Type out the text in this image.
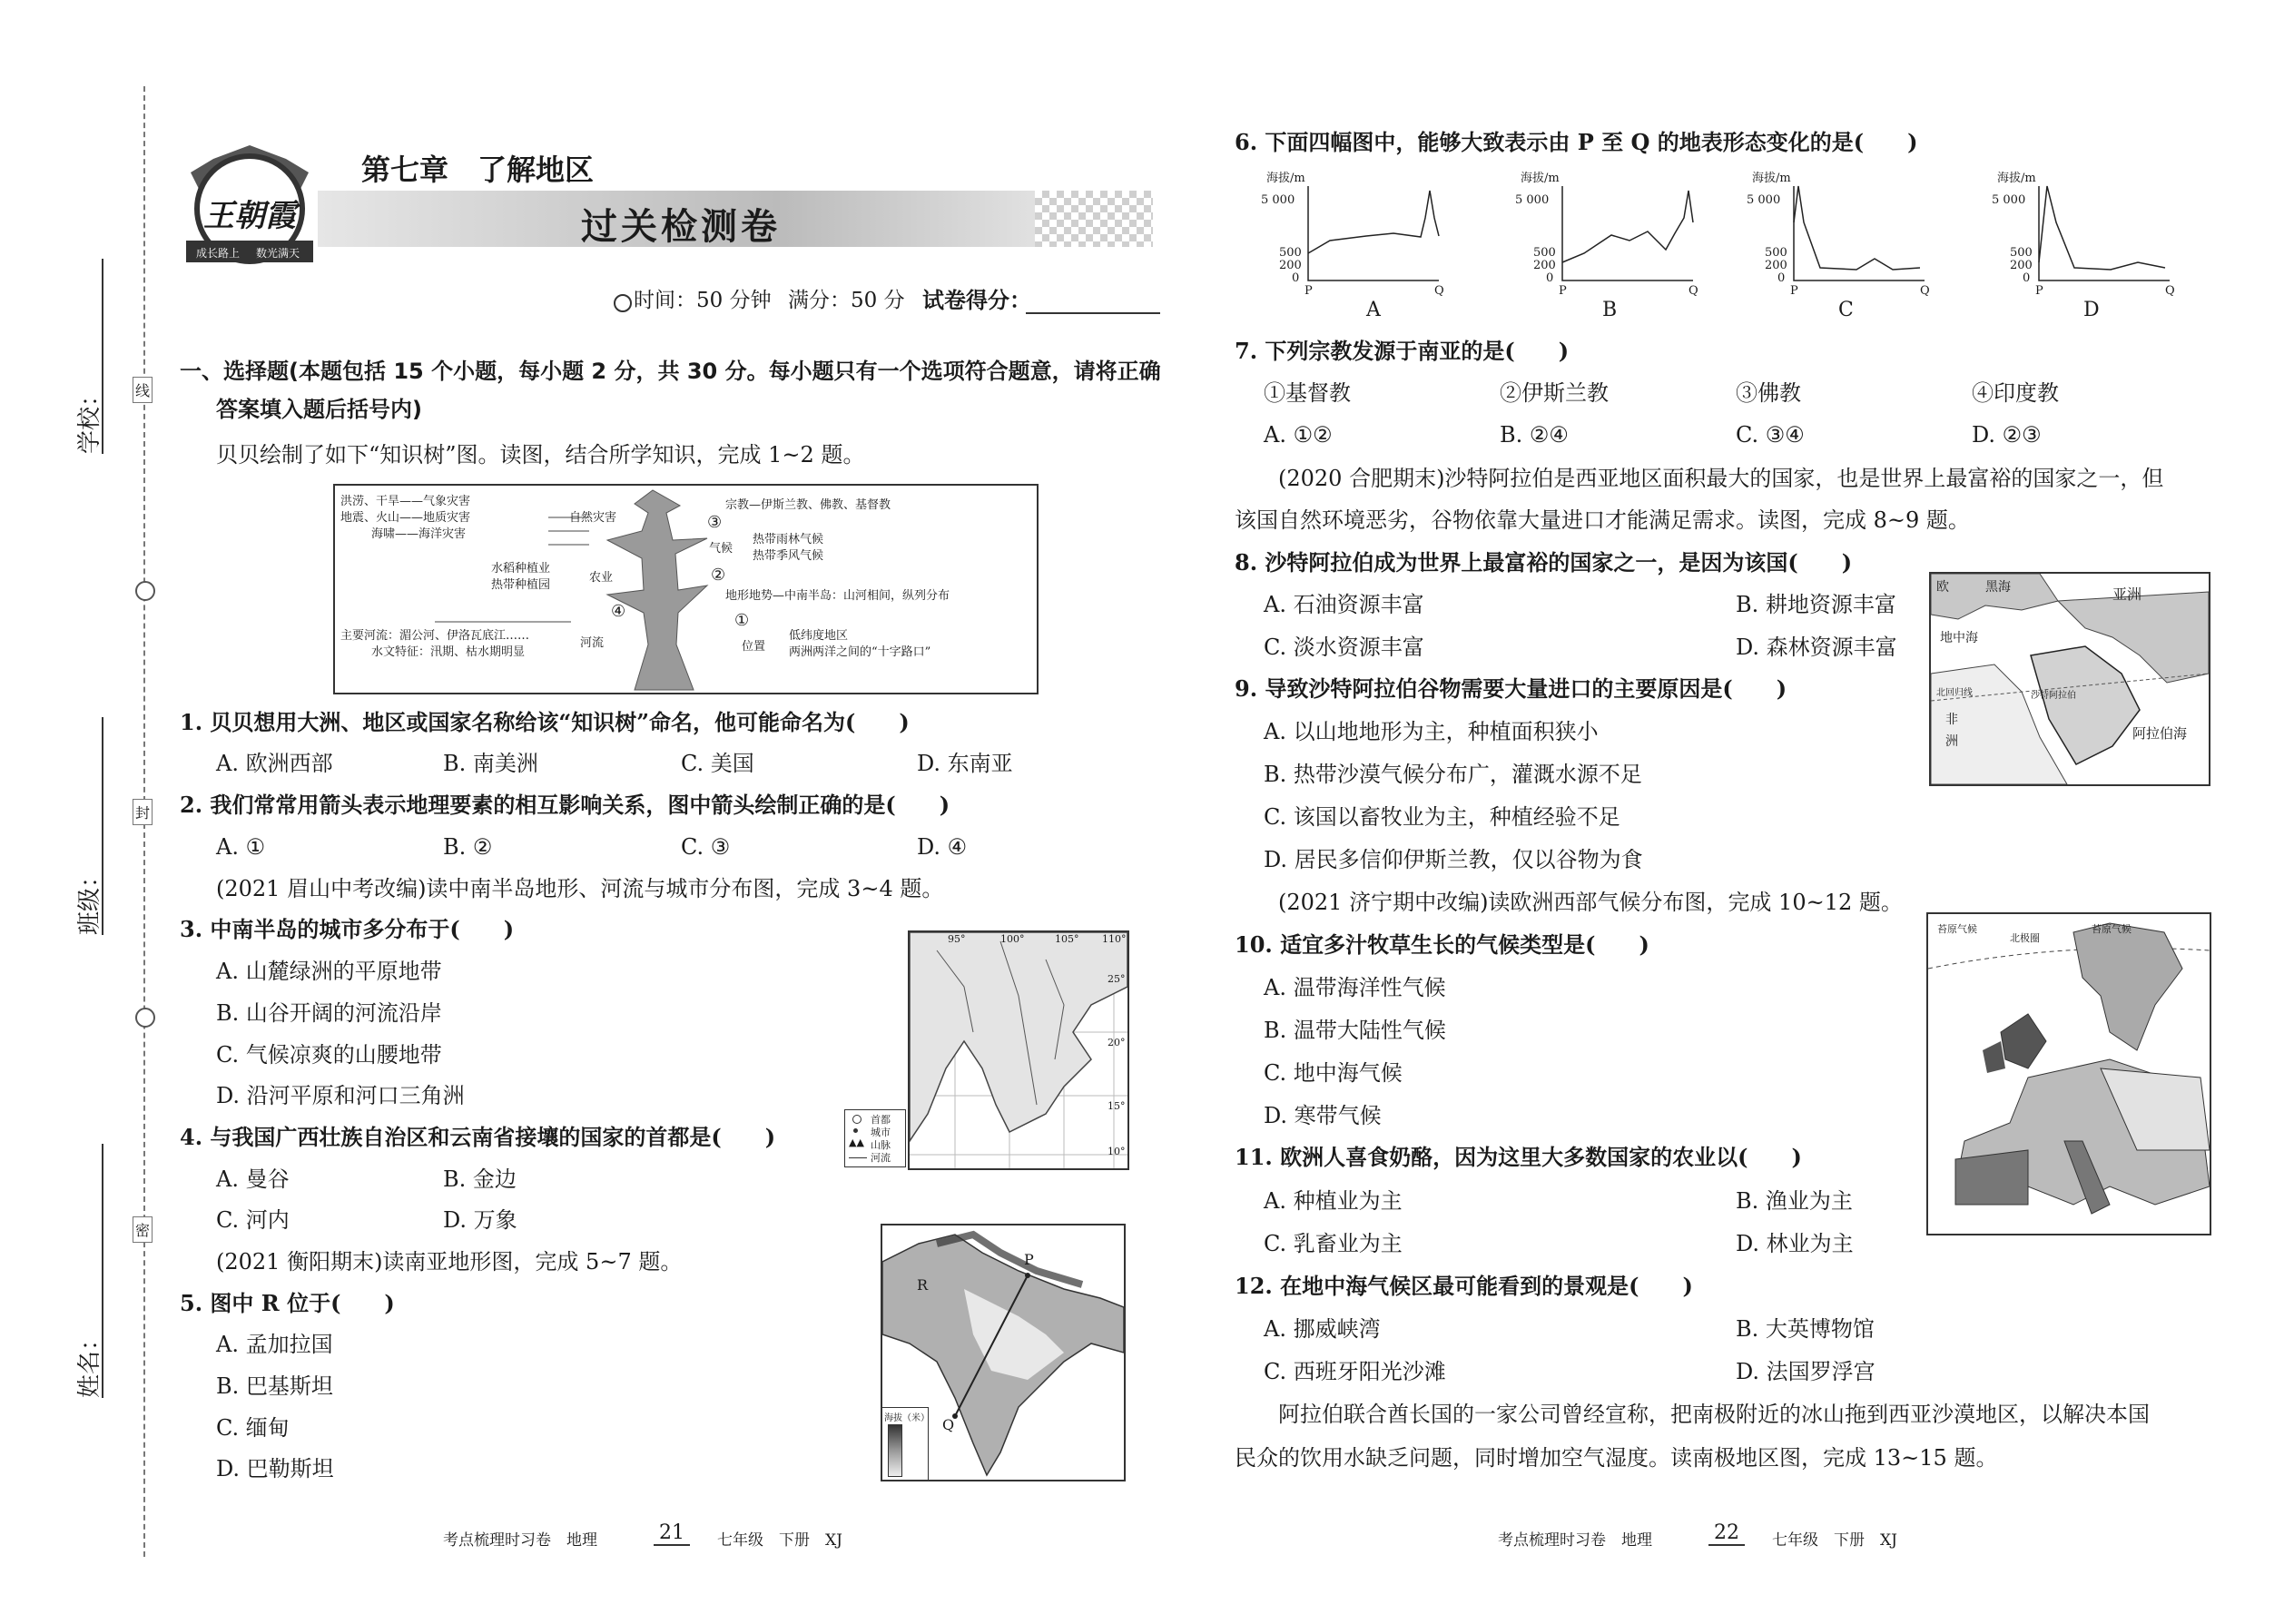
学校：
班级：
姓名：
线
封
密
王朝霞
成长路上 数光满天
第七章　了解地区
过关检测卷
时间：50 分钟 满分：50 分 试卷得分：
一、选择题(本题包括 15 个小题，每小题 2 分，共 30 分。每小题只有一个选项符合题意，请将正确
答案填入题后括号内)
贝贝绘制了如下“知识树”图。读图，结合所学知识，完成 1~2 题。
洪涝、干旱——气象灾害
地震、火山——地质灾害
海啸——海洋灾害
自然灾害
水稻种植业
热带种植园
农业
④
主要河流：湄公河、伊洛瓦底江……
水文特征：汛期、枯水期明显
河流
宗教—伊斯兰教、佛教、基督教
③
气候
热带雨林气候
热带季风气候
②
地形地势—中南半岛：山河相间，纵列分布
①
位置
低纬度地区
两洲两洋之间的“十字路口”
1. 贝贝想用大洲、地区或国家名称给该“知识树”命名，他可能命名为(　　)
A. 欧洲西部	B. 南美洲	C. 美国	D. 东南亚
2. 我们常常用箭头表示地理要素的相互影响关系，图中箭头绘制正确的是(　　)
A. ①	B. ②	C. ③	D. ④
(2021 眉山中考改编)读中南半岛地形、河流与城市分布图，完成 3~4 题。
3. 中南半岛的城市多分布于(　　)
A. 山麓绿洲的平原地带
B. 山谷开阔的河流沿岸
C. 气候凉爽的山腰地带
D. 沿河平原和河口三角洲
95°	100°	105° 110°
25°
20°
15°
10°
首都
城市
山脉
河流
▲▲
4. 与我国广西壮族自治区和云南省接壤的国家的首都是(　　)
A. 曼谷	B. 金边
C. 河内	D. 万象
(2021 衡阳期末)读南亚地形图，完成 5~7 题。
5. 图中 R 位于(　　)
A. 孟加拉国
B. 巴基斯坦
C. 缅甸
D. 巴勒斯坦
P
Q
R
海拔（米）
考点梳理时习卷　地理	21	七年级　下册　XJ
6. 下面四幅图中，能够大致表示由 P 至 Q 的地表形态变化的是(　　)
海拔/m
5 000
500
200
0
P	Q
A
海拔/m
5 000
500
200
0
P	Q
B
海拔/m
5 000
500
200
0
P	Q
C
海拔/m
5 000
500
200
0
P	Q
D
7. 下列宗教发源于南亚的是(　　)
①基督教	②伊斯兰教	③佛教	④印度教
A. ①②	B. ②④	C. ③④	D. ②③
(2020 合肥期末)沙特阿拉伯是西亚地区面积最大的国家，也是世界上最富裕的国家之一，但
该国自然环境恶劣，谷物依靠大量进口才能满足需求。读图，完成 8~9 题。
8. 沙特阿拉伯成为世界上最富裕的国家之一，是因为该国(　　)
A. 石油资源丰富	B. 耕地资源丰富
C. 淡水资源丰富	D. 森林资源丰富
欧	黑海	亚洲
地中海
北回归线	沙特阿拉伯
非
洲	阿拉伯海
9. 导致沙特阿拉伯谷物需要大量进口的主要原因是(　　)
A. 以山地地形为主，种植面积狭小
B. 热带沙漠气候分布广，灌溉水源不足
C. 该国以畜牧业为主，种植经验不足
D. 居民多信仰伊斯兰教，仅以谷物为食
(2021 济宁期中改编)读欧洲西部气候分布图，完成 10~12 题。
10. 适宜多汁牧草生长的气候类型是(　　)
A. 温带海洋性气候
B. 温带大陆性气候
C. 地中海气候
D. 寒带气候
苔原气候
北极圈
苔原气候
11. 欧洲人喜食奶酪，因为这里大多数国家的农业以(　　)
A. 种植业为主	B. 渔业为主
C. 乳畜业为主	D. 林业为主
12. 在地中海气候区最可能看到的景观是(　　)
A. 挪威峡湾	B. 大英博物馆
C. 西班牙阳光沙滩	D. 法国罗浮宫
阿拉伯联合酋长国的一家公司曾经宣称，把南极附近的冰山拖到西亚沙漠地区，以解决本国
民众的饮用水缺乏问题，同时增加空气湿度。读南极地区图，完成 13~15 题。
考点梳理时习卷　地理	22	七年级　下册　XJ
